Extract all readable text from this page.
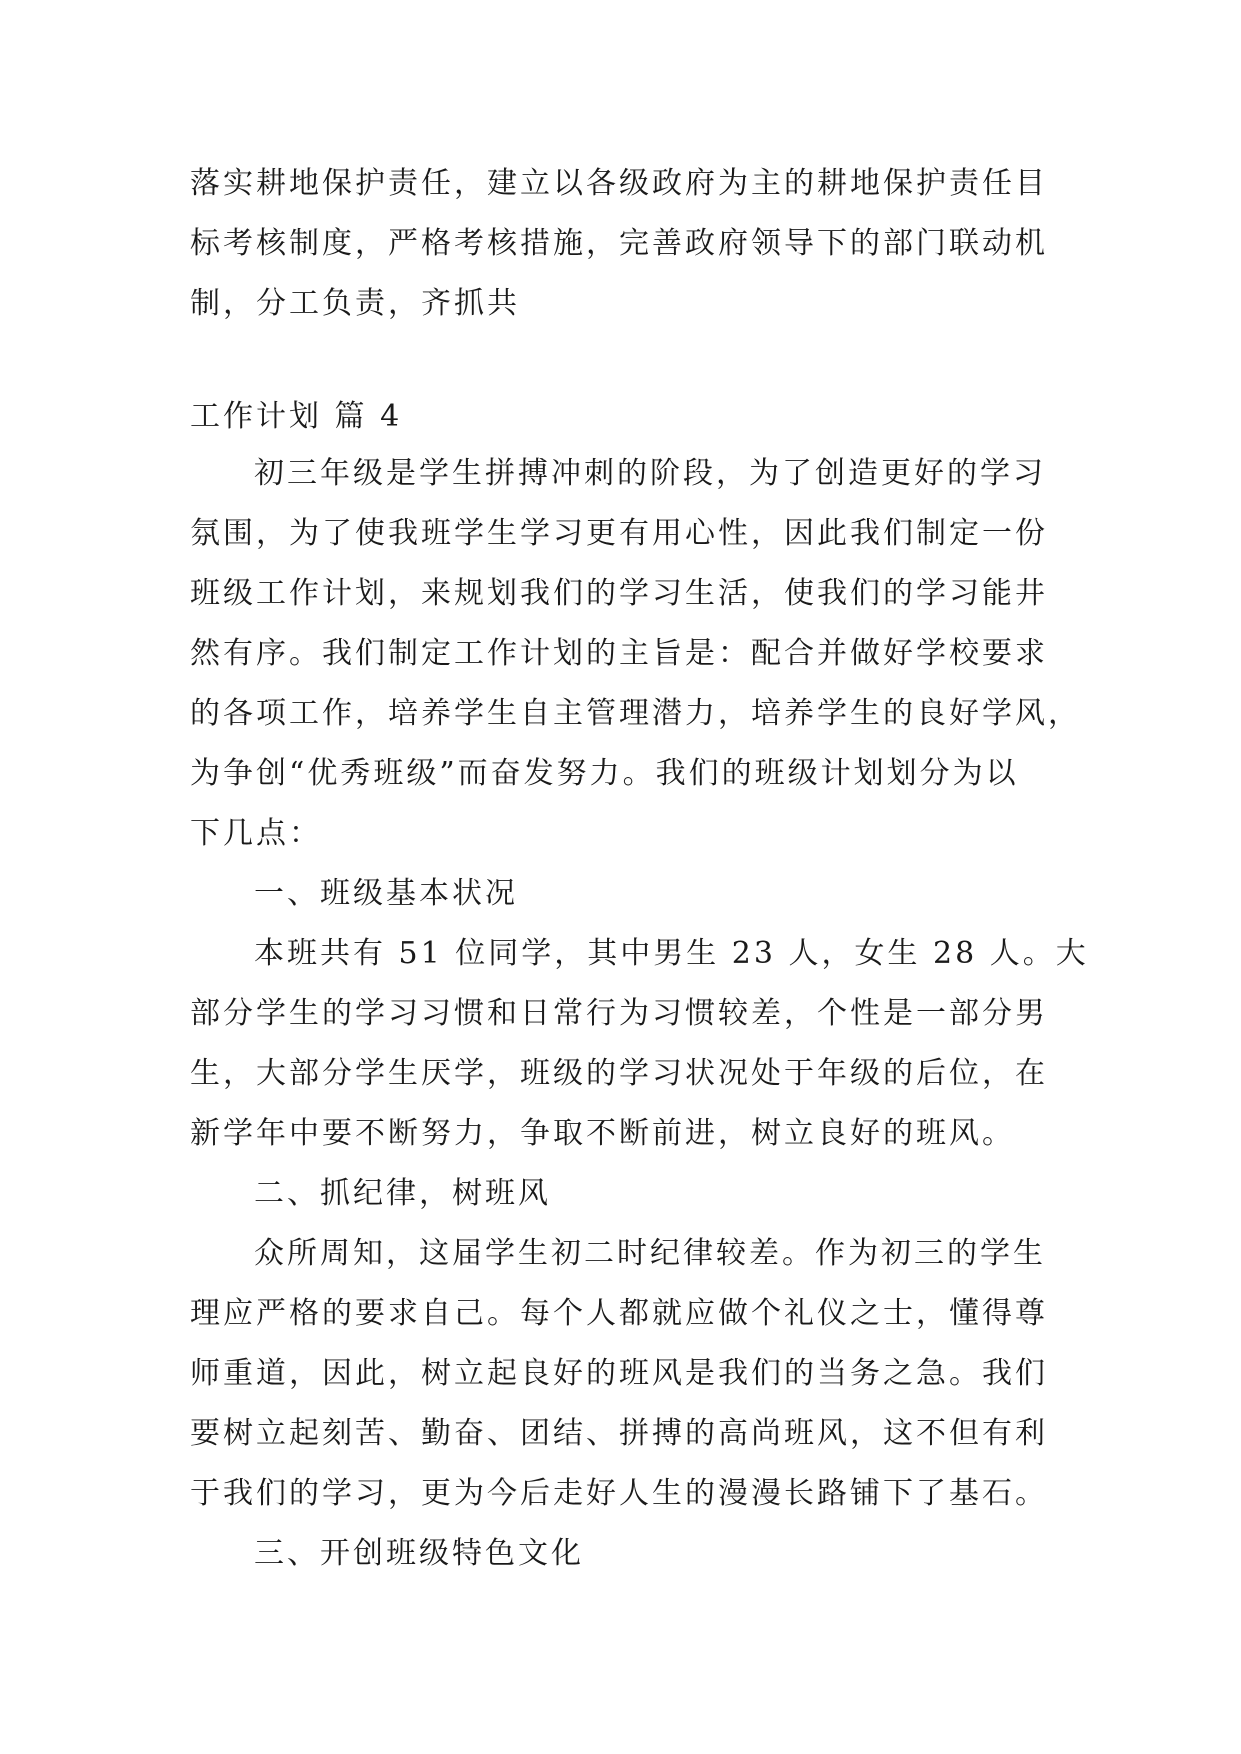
落实耕地保护责任，建立以各级政府为主的耕地保护责任目
标考核制度，严格考核措施，完善政府领导下的部门联动机
制，分工负责，齐抓共
工作计划 篇 4
初三年级是学生拼搏冲刺的阶段，为了创造更好的学习
氛围，为了使我班学生学习更有用心性，因此我们制定一份
班级工作计划，来规划我们的学习生活，使我们的学习能井
然有序。我们制定工作计划的主旨是：配合并做好学校要求
的各项工作，培养学生自主管理潜力，培养学生的良好学风，
为争创“优秀班级”而奋发努力。我们的班级计划划分为以
下几点：
一、班级基本状况
本班共有 51 位同学，其中男生 23 人，女生 28 人。大
部分学生的学习习惯和日常行为习惯较差，个性是一部分男
生，大部分学生厌学，班级的学习状况处于年级的后位，在
新学年中要不断努力，争取不断前进，树立良好的班风。
二、抓纪律，树班风
众所周知，这届学生初二时纪律较差。作为初三的学生
理应严格的要求自己。每个人都就应做个礼仪之士，懂得尊
师重道，因此，树立起良好的班风是我们的当务之急。我们
要树立起刻苦、勤奋、团结、拼搏的高尚班风，这不但有利
于我们的学习，更为今后走好人生的漫漫长路铺下了基石。
三、开创班级特色文化
